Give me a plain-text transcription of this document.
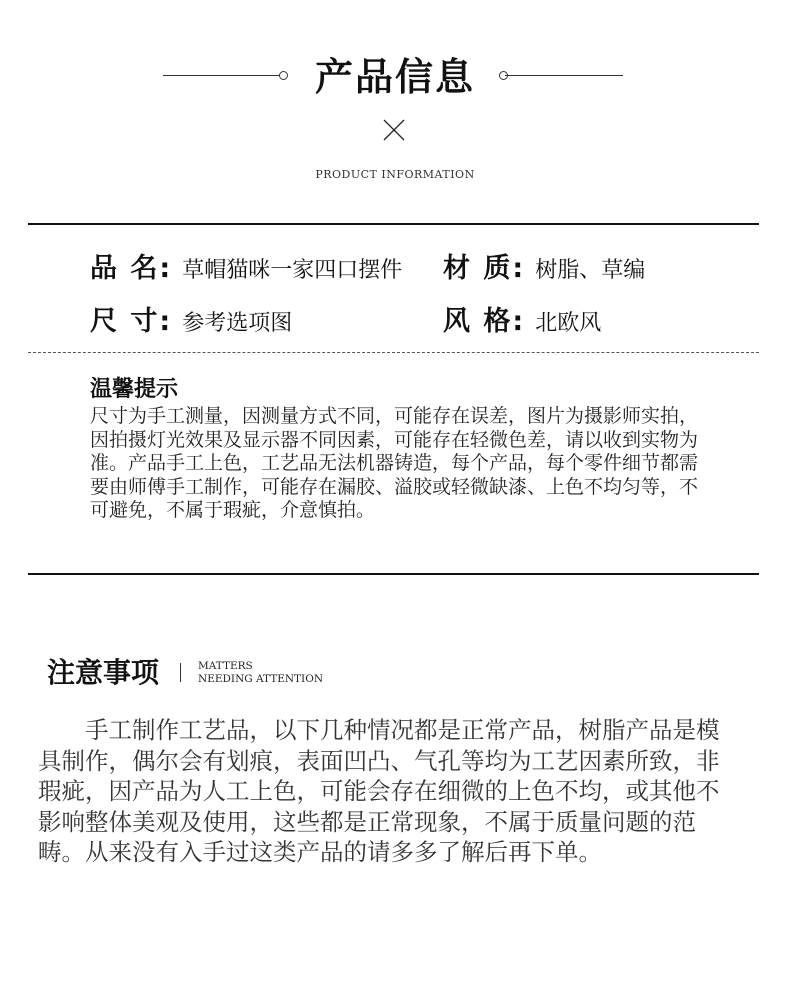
产品信息
PRODUCT INFORMATION
品 名: 草帽猫咪一家四口摆件 材 质: 树脂、草编
尺 寸: 参考选项图	风 格: 北欧风
温馨提示
尺寸为手工测量，因测量方式不同，可能存在误差，图片为摄影师实拍，因拍摄灯光效果及显示器不同因素，可能存在轻微色差，请以收到实物为准。产品手工上色，工艺品无法机器铸造，每个产品，每个零件细节都需要由师傅手工制作，可能存在漏胶、溢胶或轻微缺漆、上色不均匀等，不可避免，不属于瑕疵，介意慎拍。
注意事项	MATTERS
NEEDING ATTENTION
手工制作工艺品，以下几种情况都是正常产品，树脂产品是模具制作，偶尔会有划痕，表面凹凸、气孔等均为工艺因素所致，非瑕疵，因产品为人工上色，可能会存在细微的上色不均，或其他不影响整体美观及使用，这些都是正常现象，不属于质量问题的范畴。从来没有入手过这类产品的请多多了解后再下单。
